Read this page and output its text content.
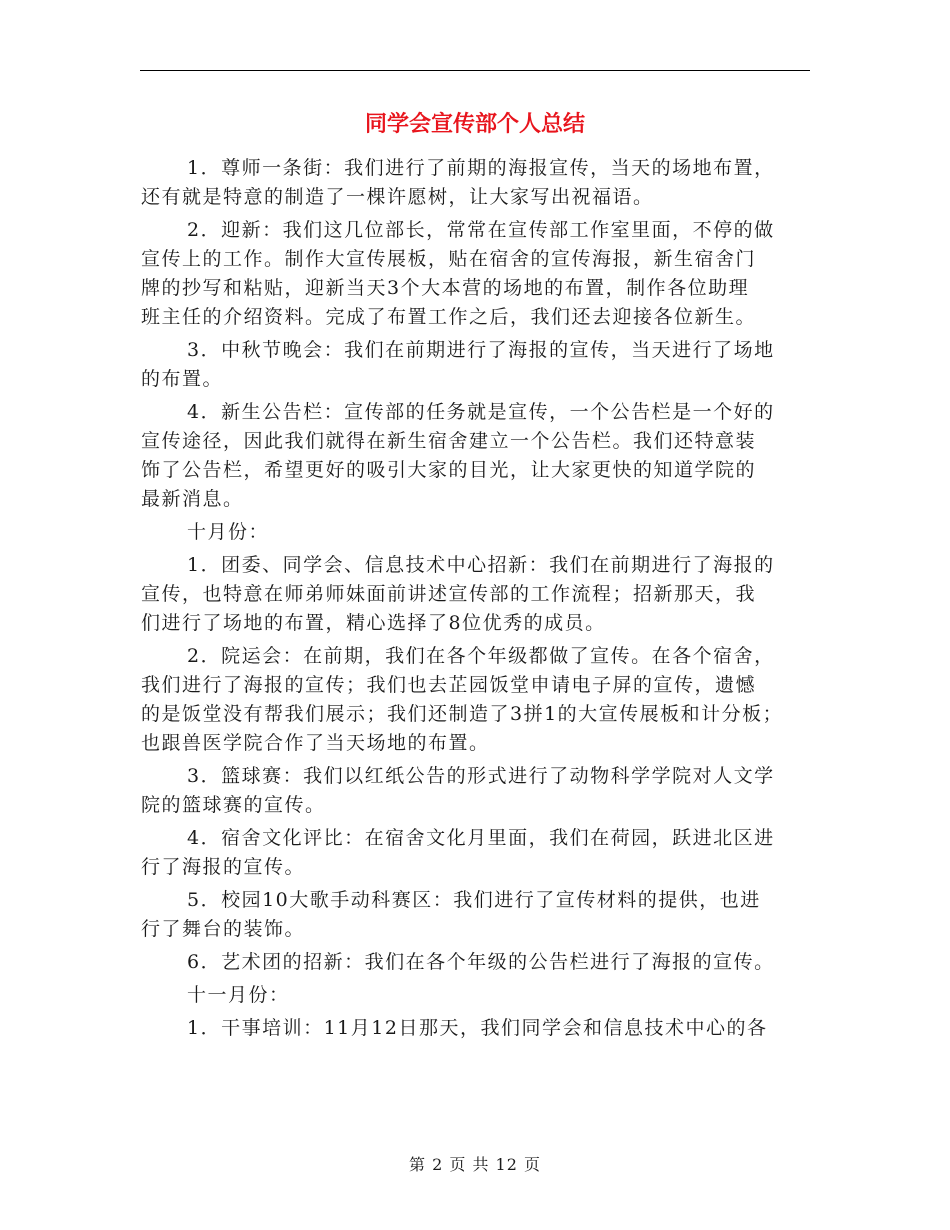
同学会宣传部个人总结

1．尊师一条街：我们进行了前期的海报宣传，当天的场地布置，
还有就是特意的制造了一棵许愿树，让大家写出祝福语。

2．迎新：我们这几位部长，常常在宣传部工作室里面，不停的做
宣传上的工作。制作大宣传展板，贴在宿舍的宣传海报，新生宿舍门
牌的抄写和粘贴，迎新当天3个大本营的场地的布置，制作各位助理
班主任的介绍资料。完成了布置工作之后，我们还去迎接各位新生。

3．中秋节晚会：我们在前期进行了海报的宣传，当天进行了场地
的布置。

4．新生公告栏：宣传部的任务就是宣传，一个公告栏是一个好的
宣传途径，因此我们就得在新生宿舍建立一个公告栏。我们还特意装
饰了公告栏，希望更好的吸引大家的目光，让大家更快的知道学院的
最新消息。

十月份：

1．团委、同学会、信息技术中心招新：我们在前期进行了海报的
宣传，也特意在师弟师妹面前讲述宣传部的工作流程；招新那天，我
们进行了场地的布置，精心选择了8位优秀的成员。

2．院运会：在前期，我们在各个年级都做了宣传。在各个宿舍，
我们进行了海报的宣传；我们也去芷园饭堂申请电子屏的宣传，遗憾
的是饭堂没有帮我们展示；我们还制造了3拼1的大宣传展板和计分板；
也跟兽医学院合作了当天场地的布置。

3．篮球赛：我们以红纸公告的形式进行了动物科学学院对人文学
院的篮球赛的宣传。

4．宿舍文化评比：在宿舍文化月里面，我们在荷园，跃进北区进
行了海报的宣传。

5．校园10大歌手动科赛区：我们进行了宣传材料的提供，也进
行了舞台的装饰。

6．艺术团的招新：我们在各个年级的公告栏进行了海报的宣传。

十一月份：

1．干事培训：11月12日那天，我们同学会和信息技术中心的各

第 2 页 共 12 页
